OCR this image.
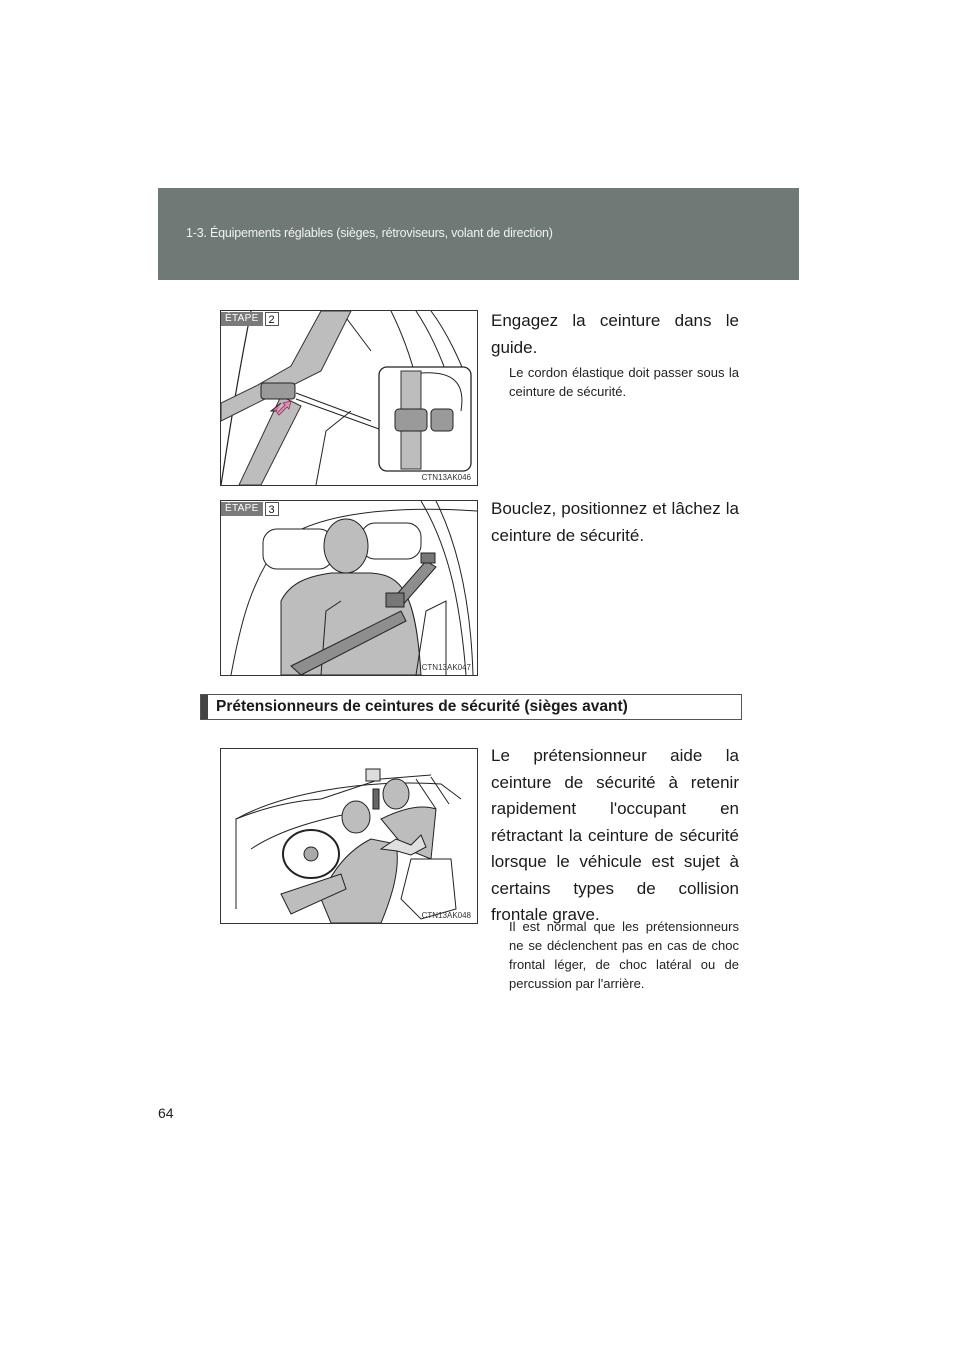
1-3. Équipements réglables (sièges, rétroviseurs, volant de direction)
ÉTAPE 2
CTN13AK046
Engagez la ceinture dans le guide.
Le cordon élastique doit passer sous la ceinture de sécurité.
ÉTAPE 3
CTN13AK047
Bouclez, positionnez et lâchez la ceinture de sécurité.
Prétensionneurs de ceintures de sécurité (sièges avant)
CTN13AK048
Le prétensionneur aide la ceinture de sécurité à retenir rapidement l'occupant en rétractant la ceinture de sécurité lorsque le véhicule est sujet à certains types de collision frontale grave.
Il est normal que les prétensionneurs ne se déclenchent pas en cas de choc frontal léger, de choc latéral ou de percussion par l'arrière.
64
